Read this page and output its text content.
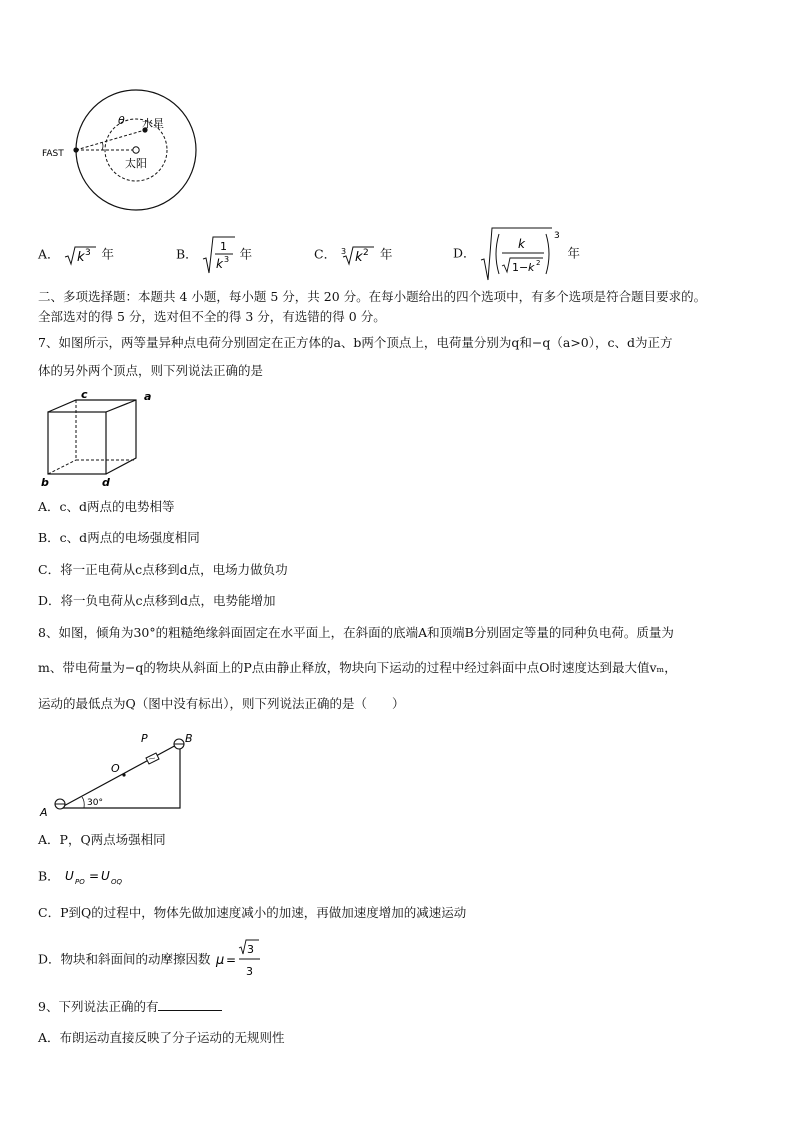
FAST
θ 水星
太阳
A． k 3 年	B． 1
k 3 年	C． 3 k 2 年	D．
3
k
1− k 2
年
二、多项选择题：本题共 4 小题，每小题 5 分，共 20 分。在每小题给出的四个选项中，有多个选项是符合题目要求的。
全部选对的得 5 分，选对但不全的得 3 分，有选错的得 0 分。
7、如图所示，两等量异种点电荷分别固定在正方体的a、b两个顶点上，电荷量分别为q和−q（a>0），c、d为正方
体的另外两个顶点，则下列说法正确的是
c	a
b	d
A．c、d两点的电势相等
B．c、d两点的电场强度相同
C．将一正电荷从c点移到d点，电场力做负功
D．将一负电荷从c点移到d点，电势能增加
8、如图，倾角为30°的粗糙绝缘斜面固定在水平面上，在斜面的底端A和顶端B分别固定等量的同种负电荷。质量为
m、带电荷量为−q的物块从斜面上的P点由静止释放，物块向下运动的过程中经过斜面中点O时速度达到最大值vₘ，
运动的最低点为Q（图中没有标出），则下列说法正确的是（　　）
P	B
O
A
30°
A．P，Q两点场强相同
B． U PO = U OQ
C．P到Q的过程中，物体先做加速度减小的加速，再做加速度增加的减速运动
D．物块和斜面间的动摩擦因数 μ =
3
3
9、下列说法正确的有
A．布朗运动直接反映了分子运动的无规则性
